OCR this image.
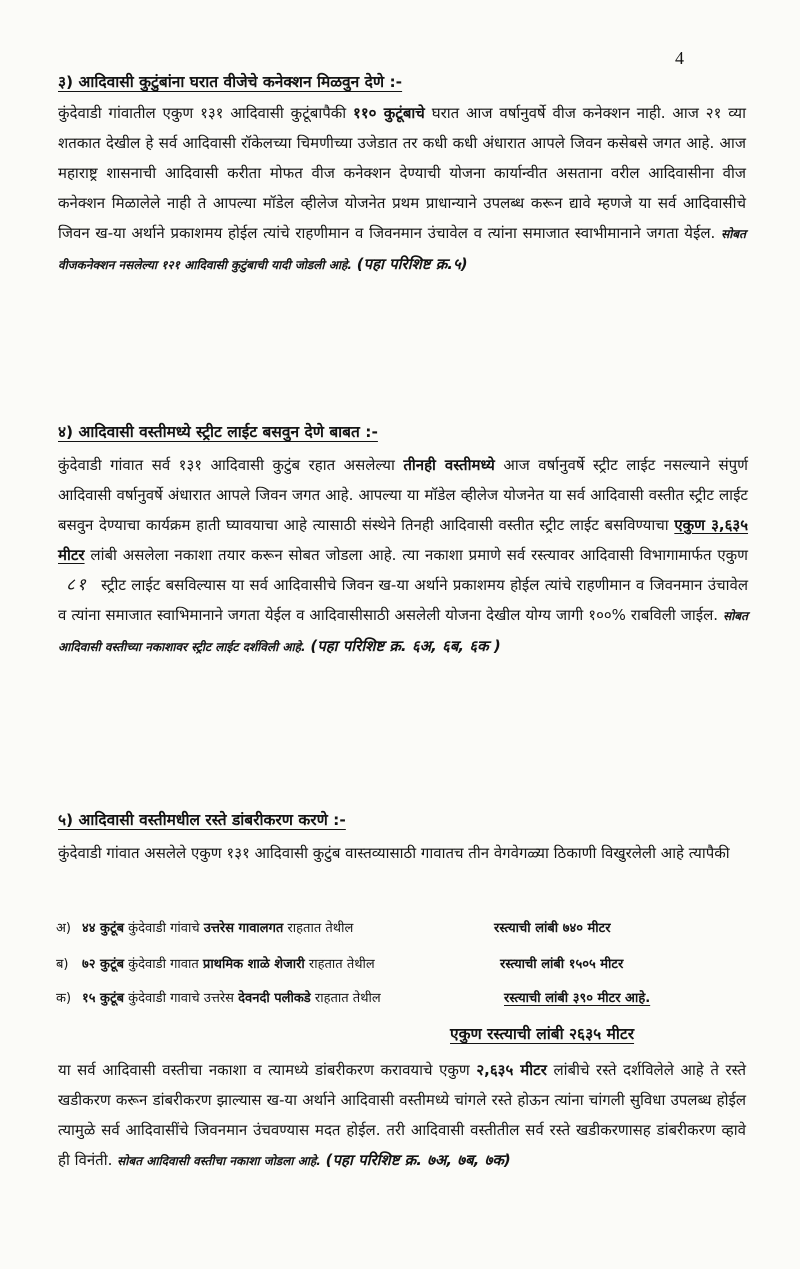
4
३) आदिवासी कुटुंबांना घरात वीजेचे कनेक्शन मिळवुन देणे :-
कुंदेवाडी गांवातील एकुण १३१ आदिवासी कुटूंबापैकी ११० कुटूंबाचे घरात आज वर्षानुवर्षे वीज कनेक्शन नाही. आज २१ व्या शतकात देखील हे सर्व आदिवासी रॉकेलच्या चिमणीच्या उजेडात तर कधी कधी अंधारात आपले जिवन कसेबसे जगत आहे. आज महाराष्ट्र शासनाची आदिवासी करीता मोफत वीज कनेक्शन देण्याची योजना कार्यान्वीत असताना वरील आदिवासीना वीज कनेक्शन मिळालेले नाही ते आपल्या मॉडेल व्हीलेज योजनेत प्रथम प्राधान्याने उपलब्ध करून द्यावे म्हणजे या सर्व आदिवासीचे जिवन ख-या अर्थाने प्रकाशमय होईल त्यांचे राहणीमान व जिवनमान उंचावेल व त्यांना समाजात स्वाभीमानाने जगता येईल. सोबत वीजकनेक्शन नसलेल्या १२१ आदिवासी कुटुंबाची यादी जोडली आहे. (पहा परिशिष्ट क्र.५)
४) आदिवासी वस्तीमध्ये स्ट्रीट लाईट बसवुन देणे बाबत :-
कुंदेवाडी गांवात सर्व १३१ आदिवासी कुटुंब रहात असलेल्या तीनही वस्तीमध्ये आज वर्षानुवर्षे स्ट्रीट लाईट नसल्याने संपुर्ण आदिवासी वर्षानुवर्षे अंधारात आपले जिवन जगत आहे. आपल्या या मॉडेल व्हीलेज योजनेत या सर्व आदिवासी वस्तीत स्ट्रीट लाईट बसवुन देण्याचा कार्यक्रम हाती घ्यावयाचा आहे त्यासाठी संस्थेने तिनही आदिवासी वस्तीत स्ट्रीट लाईट बसविण्याचा एकुण ३,६३५ मीटर लांबी असलेला नकाशा तयार करून सोबत जोडला आहे. त्या नकाशा प्रमाणे सर्व रस्त्यावर आदिवासी विभागामार्फत एकुण ८१ स्ट्रीट लाईट बसविल्यास या सर्व आदिवासीचे जिवन ख-या अर्थाने प्रकाशमय होईल त्यांचे राहणीमान व जिवनमान उंचावेल व त्यांना समाजात स्वाभिमानाने जगता येईल व आदिवासीसाठी असलेली योजना देखील योग्य जागी १००% राबविली जाईल. सोबत आदिवासी वस्तीच्या नकाशावर स्ट्रीट लाईट दर्शविली आहे. (पहा परिशिष्ट क्र. ६अ, ६ब, ६क )
५) आदिवासी वस्तीमधील रस्ते डांबरीकरण करणे :-
कुंदेवाडी गांवात असलेले एकुण १३१ आदिवासी कुटुंब वास्तव्यासाठी गावातच तीन वेगवेगळ्या ठिकाणी विखुरलेली आहे त्यापैकी
अ) ४४ कुटूंब कुंदेवाडी गांवाचे उत्तरेस गावालगत राहतात तेथील	रस्त्याची लांबी ७४० मीटर
ब) ७२ कुटूंब कुंदेवाडी गावात प्राथमिक शाळे शेजारी राहतात तेथील	रस्त्याची लांबी १५०५ मीटर
क) १५ कुटूंब कुंदेवाडी गावाचे उत्तरेस देवनदी पलीकडे राहतात तेथील	रस्त्याची लांबी ३९० मीटर आहे.
एकुण रस्त्याची लांबी २६३५ मीटर
या सर्व आदिवासी वस्तीचा नकाशा व त्यामध्ये डांबरीकरण करावयाचे एकुण २,६३५ मीटर लांबीचे रस्ते दर्शविलेले आहे ते रस्ते खडीकरण करून डांबरीकरण झाल्यास ख-या अर्थाने आदिवासी वस्तीमध्ये चांगले रस्ते होऊन त्यांना चांगली सुविधा उपलब्ध होईल त्यामुळे सर्व आदिवासींचे जिवनमान उंचवण्यास मदत होईल. तरी आदिवासी वस्तीतील सर्व रस्ते खडीकरणासह डांबरीकरण व्हावे ही विनंती. सोबत आदिवासी वस्तीचा नकाशा जोडला आहे. (पहा परिशिष्ट क्र. ७अ, ७ब, ७क)
